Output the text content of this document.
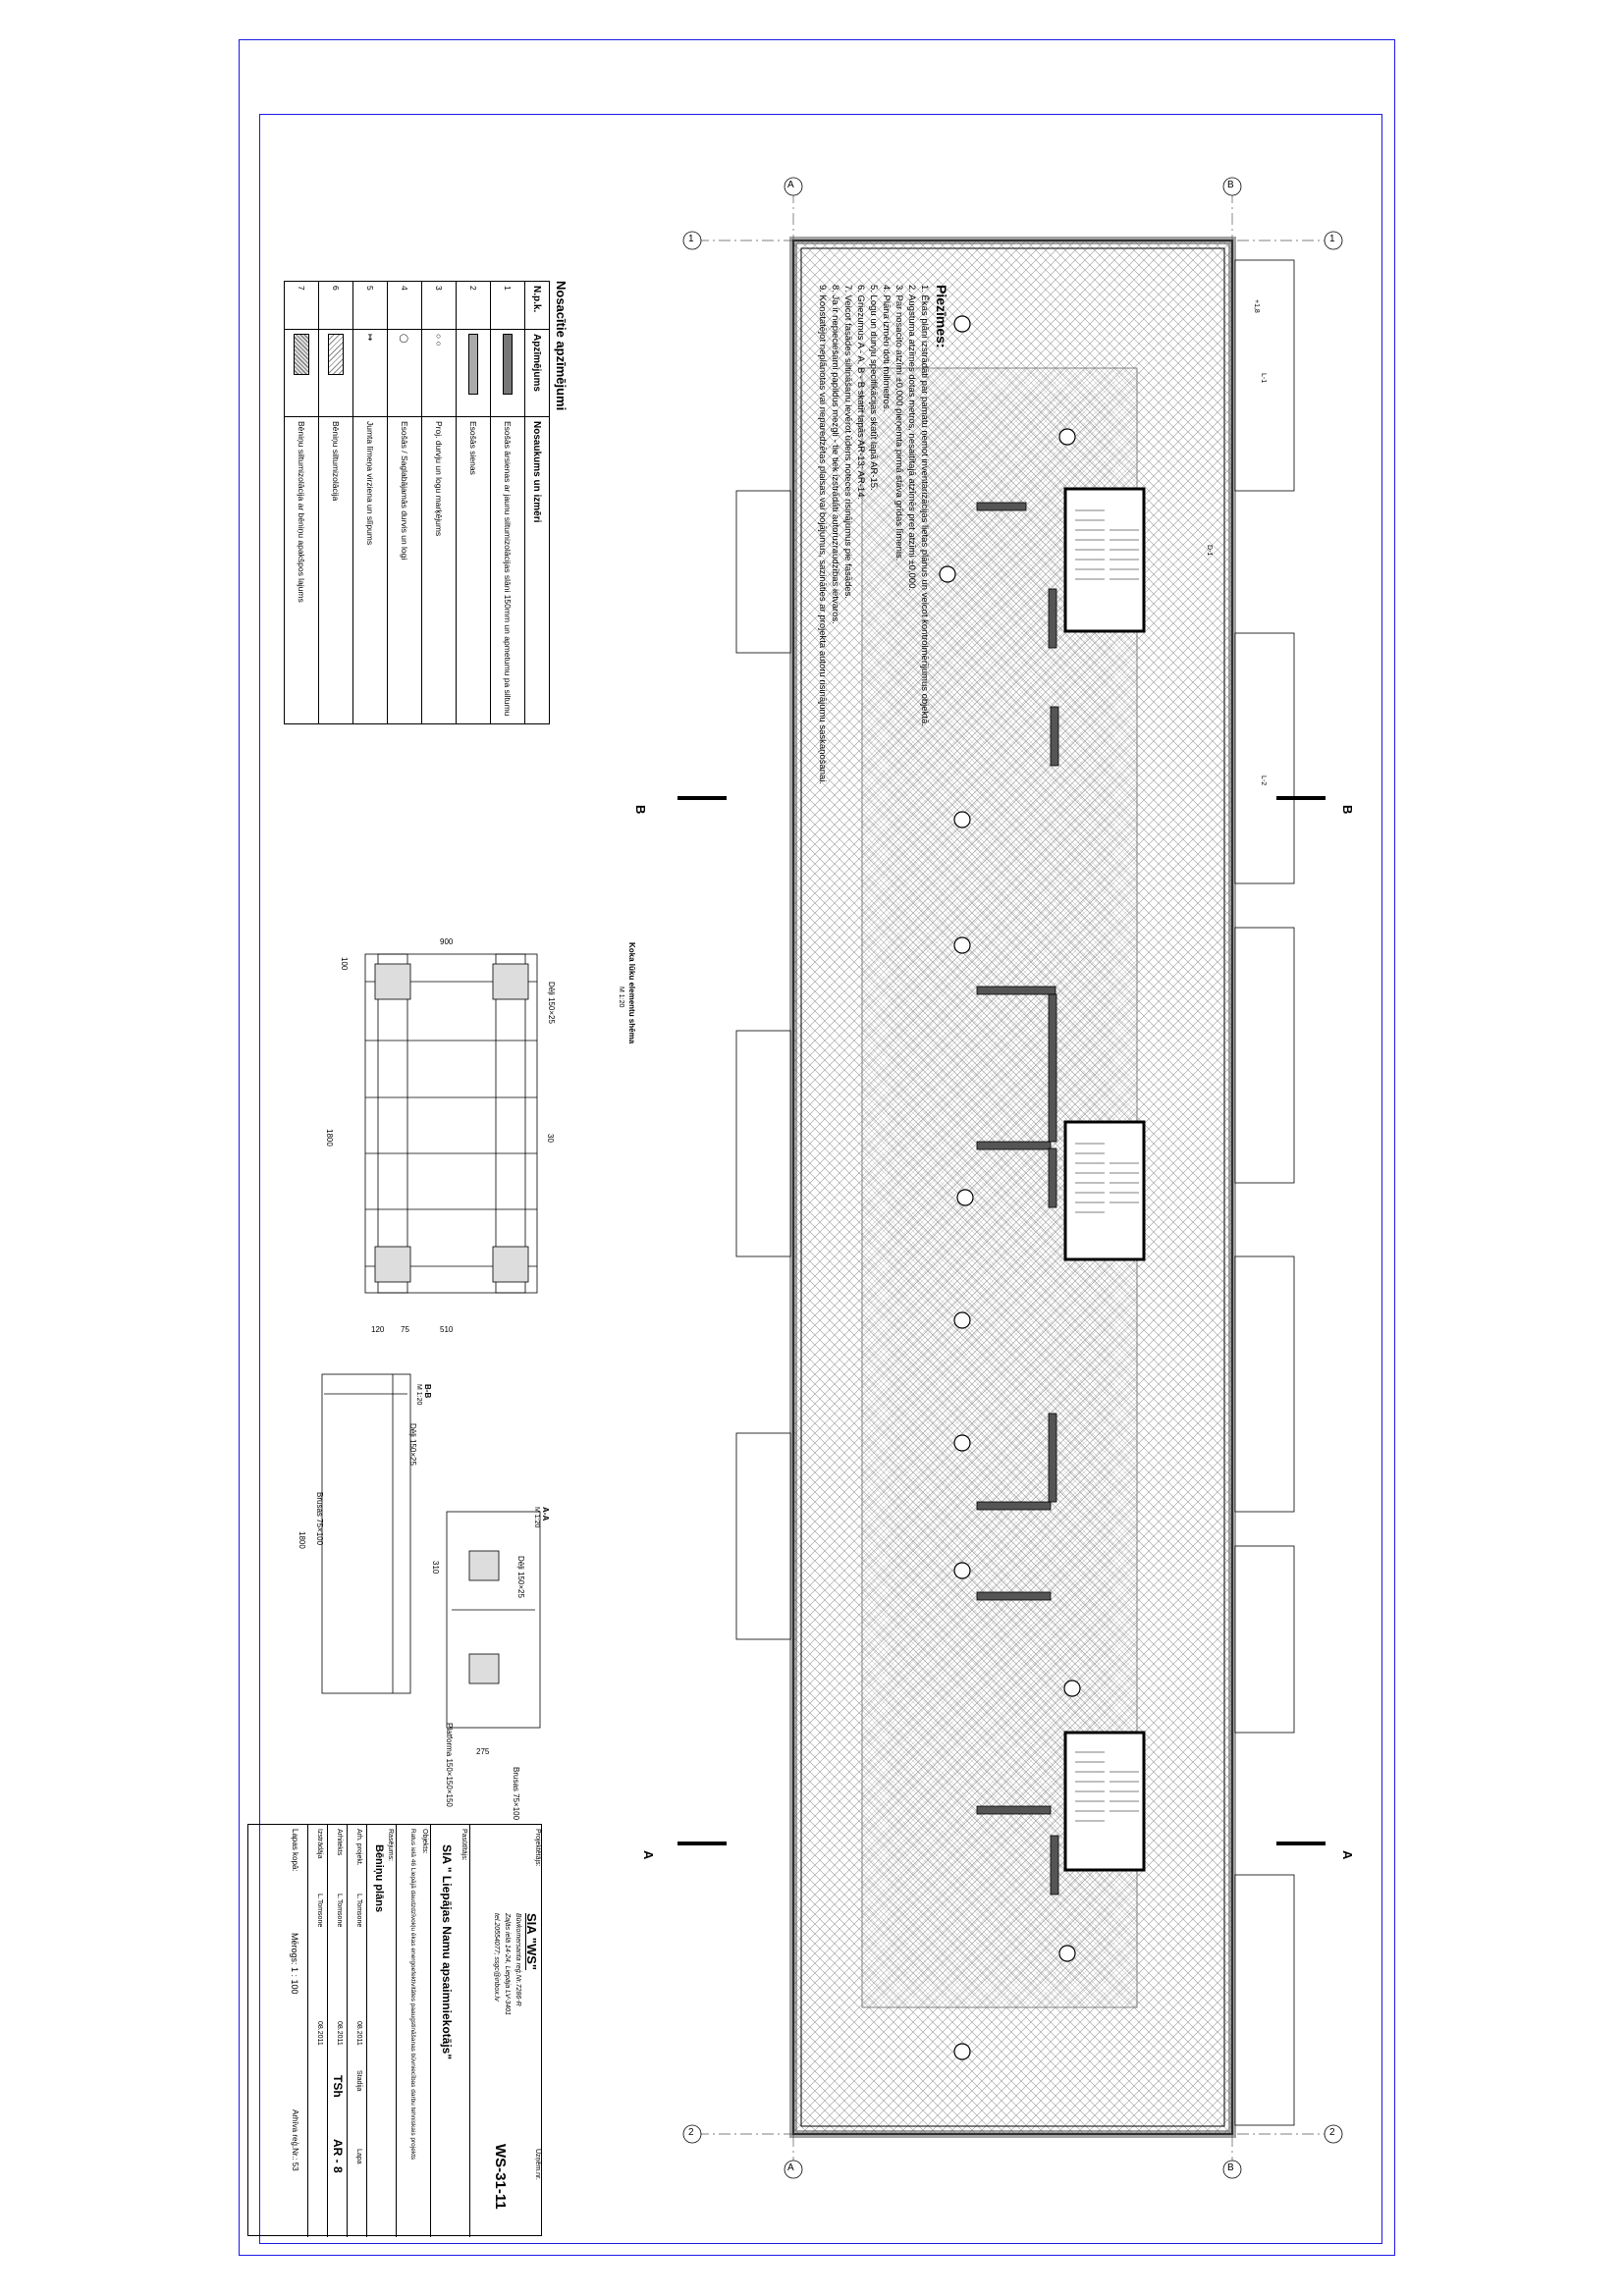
A	B
A	B
1	1
2	2
B	B
A	A
L-1
L-2
D-1
+1,8
Piezīmes:

1. Ēkas plāni izstrādāti par pamatu ņemot inventarizācijas lietas plānus un veicot kontrolmērījumus objektā.

2. Augstuma atzīmes dotas metros, nesaitītajā atzīmēs pret atzīmi ±0,000.

3. Par nosacīto atzīmi ±0,000 pieņemta pirmā stāva grīdas līmenis.

4. Plāna izmēri doti milimetros.

5. Logu un durvju specifikācijas skatīt lapā AR-15.

6. Griezumus A - A, B - B skatīt lapās AR-13; AR-14.

7. Veicot fasādes siltināšanu ievērot ūdens noteces risinājumus pie fasādes.

8. Ja ir nepieciešami papildus mezgli - tie tiek izstrādāti autoruzraudzības ietvaros.

9. Konstatējot neplānotas vai neparedzētas plaisas vai bojājumus, sazināties ar projekta autoru risinājumu saskaņošanai.

Nosacītie apzīmējumi
N.p.k.	Apzīmējums	Nosaukums un izmēri
1		Esošās ārsienas ar jaunu siltumizolācijas slāni 150mm un apmetumu pa siltumu
2		Esošās sienas
3	○ ○	Proj. durvju un logu marķējums
4	◯	Esošās / Saglabājamās durvis un logi
5	↦	Jumta līmeņa virziena un slīpums
6		Bēniņu siltumizolācija
7		Bēniņu siltumizolācija ar bēniņu apakšpos lajums
Koka lūku elementu shēma
M 1:20
Dēļi 150×25
900
1800
510
75
120
100
30
B-B
M 1:20
Dēļi 150×25
Brusas 75×100
1800
A-A
M 1:20
Dēļi 150×25
Brusas 75×100
Platforma 150×150×150	275
310
Projektētājs:
SIA "WS"
Būvkomersanta reģ.Nr.7286-R
Zaļās ielā 14-24, Liepāja LV-3401
tel.20554077; ssgc@inbox.lv
Uzņēm.nr.
WS-31-11
Pasūtītājs:
SIA " Liepājas Namu apsaimniekotājs"
Objekts:
Ratus ielā 46 Liepājā daudzdzīvokļu ēkas energoefektivitātes paaugstināšanas būvniecības darbu tehniskais projekts
Rasējums:
Bēniņu plāns
Arh. projekt.
L.Tomsone
08.2011
Stadija
Lapa
Arhitekts
L.Tomsone
08.2011
TSh
AR - 8
Izstrādāja
L.Tomsone
08.2011
Lapas kopā:
Mērogs: 1 : 100
Arhīva reģ.Nr.: 53
